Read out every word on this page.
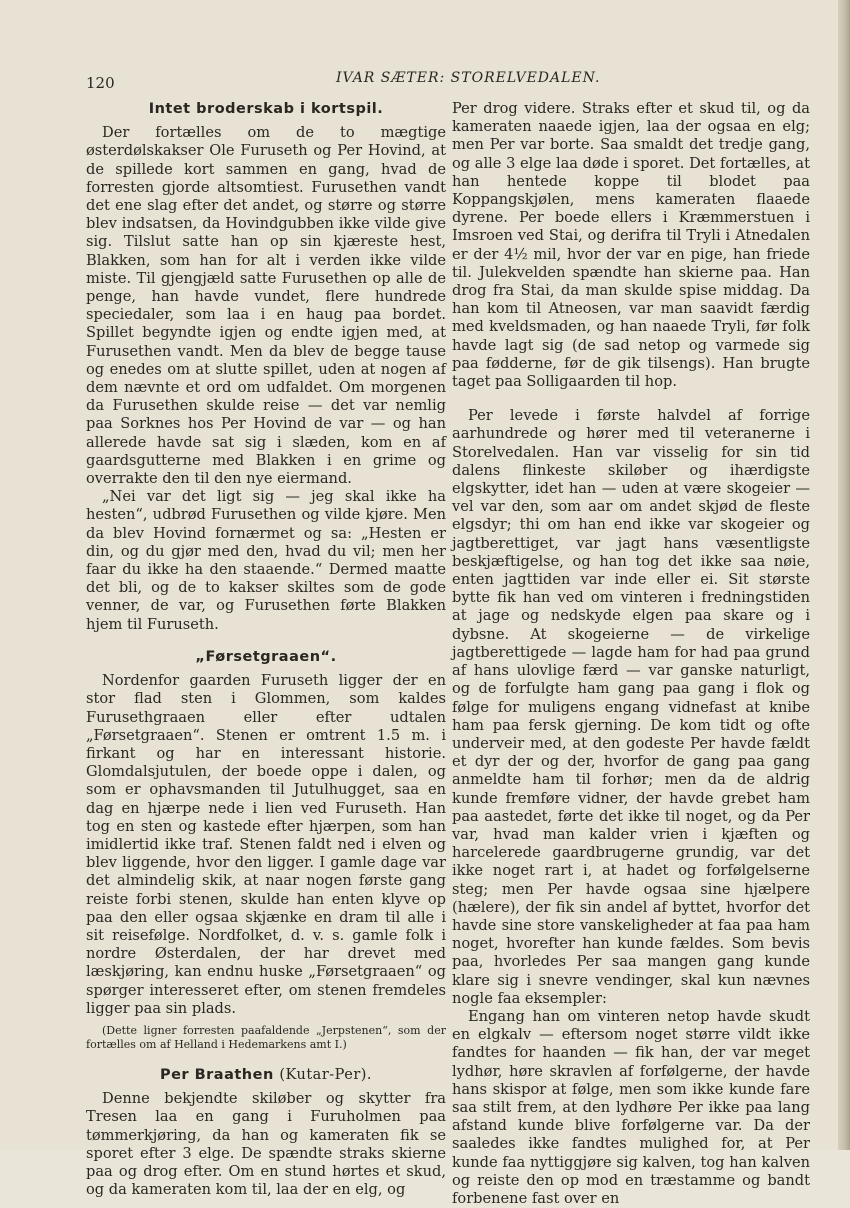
120	IVAR SÆTER: STORELVEDALEN.
Intet broderskab i kortspil.

Der fortælles om de to mægtige østerdølskakser Ole Furuseth og Per Hovind, at de spillede kort sammen en gang, hvad de forresten gjorde altsomtiest. Furusethen vandt det ene slag efter det andet, og større og større blev indsatsen, da Hovindgubben ikke vilde give sig. Tilslut satte han op sin kjæreste hest, Blakken, som han for alt i verden ikke vilde miste. Til gjengjæld satte Furusethen op alle de penge, han havde vundet, flere hundrede speciedaler, som laa i en haug paa bordet. Spillet begyndte igjen og endte igjen med, at Furusethen vandt. Men da blev de begge tause og enedes om at slutte spillet, uden at nogen af dem nævnte et ord om udfaldet. Om morgenen da Furusethen skulde reise — det var nemlig paa Sorknes hos Per Hovind de var — og han allerede havde sat sig i slæden, kom en af gaardsgutterne med Blakken i en grime og overrakte den til den nye eiermand.

„Nei var det ligt sig — jeg skal ikke ha hesten“, udbrød Furusethen og vilde kjøre. Men da blev Hovind fornærmet og sa: „Hesten er din, og du gjør med den, hvad du vil; men her faar du ikke ha den staaende.“ Dermed maatte det bli, og de to kakser skiltes som de gode venner, de var, og Furusethen førte Blakken hjem til Furuseth.

„Førsetgraaen“.

Nordenfor gaarden Furuseth ligger der en stor flad sten i Glommen, som kaldes Furusethgraaen eller efter udtalen „Førsetgraaen“. Stenen er omtrent 1.5 m. i firkant og har en interessant historie. Glomdalsjutulen, der boede oppe i dalen, og som er ophavsmanden til Jutulhugget, saa en dag en hjærpe nede i lien ved Furuseth. Han tog en sten og kastede efter hjærpen, som han imidlertid ikke traf. Stenen faldt ned i elven og blev liggende, hvor den ligger. I gamle dage var det almindelig skik, at naar nogen første gang reiste forbi stenen, skulde han enten klyve op paa den eller ogsaa skjænke en dram til alle i sit reisefølge. Nordfolket, d. v. s. gamle folk i nordre Østerdalen, der har drevet med læskjøring, kan endnu huske „Førsetgraaen“ og spørger interesseret efter, om stenen fremdeles ligger paa sin plads.

(Dette ligner forresten paafaldende „Jerpstenen“, som der fortælles om af Helland i Hedemarkens amt I.)

Per Braathen (Kutar-Per).

Denne bekjendte skiløber og skytter fra Tresen laa en gang i Furuholmen paa tømmerkjøring, da han og kameraten fik se sporet efter 3 elge. De spændte straks skierne paa og drog efter. Om en stund hørtes et skud, og da kameraten kom til, laa der en elg, og

Per drog videre. Straks efter et skud til, og da kameraten naaede igjen, laa der ogsaa en elg; men Per var borte. Saa smaldt det tredje gang, og alle 3 elge laa døde i sporet. Det fortælles, at han hentede koppe til blodet paa Koppangskjølen, mens kameraten flaaede dyrene. Per boede ellers i Kræmmerstuen i Imsroen ved Stai, og derifra til Tryli i Atnedalen er der 4½ mil, hvor der var en pige, han friede til. Julekvelden spændte han skierne paa. Han drog fra Stai, da man skulde spise middag. Da han kom til Atneosen, var man saavidt færdig med kveldsmaden, og han naaede Tryli, før folk havde lagt sig (de sad netop og varmede sig paa fødderne, før de gik tilsengs). Han brugte taget paa Solligaarden til hop.

Per levede i første halvdel af forrige aarhundrede og hører med til veteranerne i Storelvedalen. Han var visselig for sin tid dalens flinkeste skiløber og ihærdigste elgskytter, idet han — uden at være skogeier — vel var den, som aar om andet skjød de fleste elgsdyr; thi om han end ikke var skogeier og jagtberettiget, var jagt hans væsentligste beskjæftigelse, og han tog det ikke saa nøie, enten jagttiden var inde eller ei. Sit største bytte fik han ved om vinteren i fredningstiden at jage og nedskyde elgen paa skare og i dybsne. At skogeierne — de virkelige jagtberettigede — lagde ham for had paa grund af hans ulovlige færd — var ganske naturligt, og de forfulgte ham gang paa gang i flok og følge for muligens engang vidnefast at knibe ham paa fersk gjerning. De kom tidt og ofte underveir med, at den godeste Per havde fældt et dyr der og der, hvorfor de gang paa gang anmeldte ham til forhør; men da de aldrig kunde fremføre vidner, der havde grebet ham paa aastedet, førte det ikke til noget, og da Per var, hvad man kalder vrien i kjæften og harcelerede gaardbrugerne grundig, var det ikke noget rart i, at hadet og forfølgelserne steg; men Per havde ogsaa sine hjælpere (hælere), der fik sin andel af byttet, hvorfor det havde sine store vanskeligheder at faa paa ham noget, hvorefter han kunde fældes. Som bevis paa, hvorledes Per saa mangen gang kunde klare sig i snevre vendinger, skal kun nævnes nogle faa eksempler:

Engang han om vinteren netop havde skudt en elgkalv — eftersom noget større vildt ikke fandtes for haanden — fik han, der var meget lydhør, høre skravlen af forfølgerne, der havde hans skispor at følge, men som ikke kunde fare saa stilt frem, at den lydhøre Per ikke paa lang afstand kunde blive forfølgerne var. Da der saaledes ikke fandtes mulighed for, at Per kunde faa nyttiggjøre sig kalven, tog han kalven og reiste den op mod en træstamme og bandt forbenene fast over en
